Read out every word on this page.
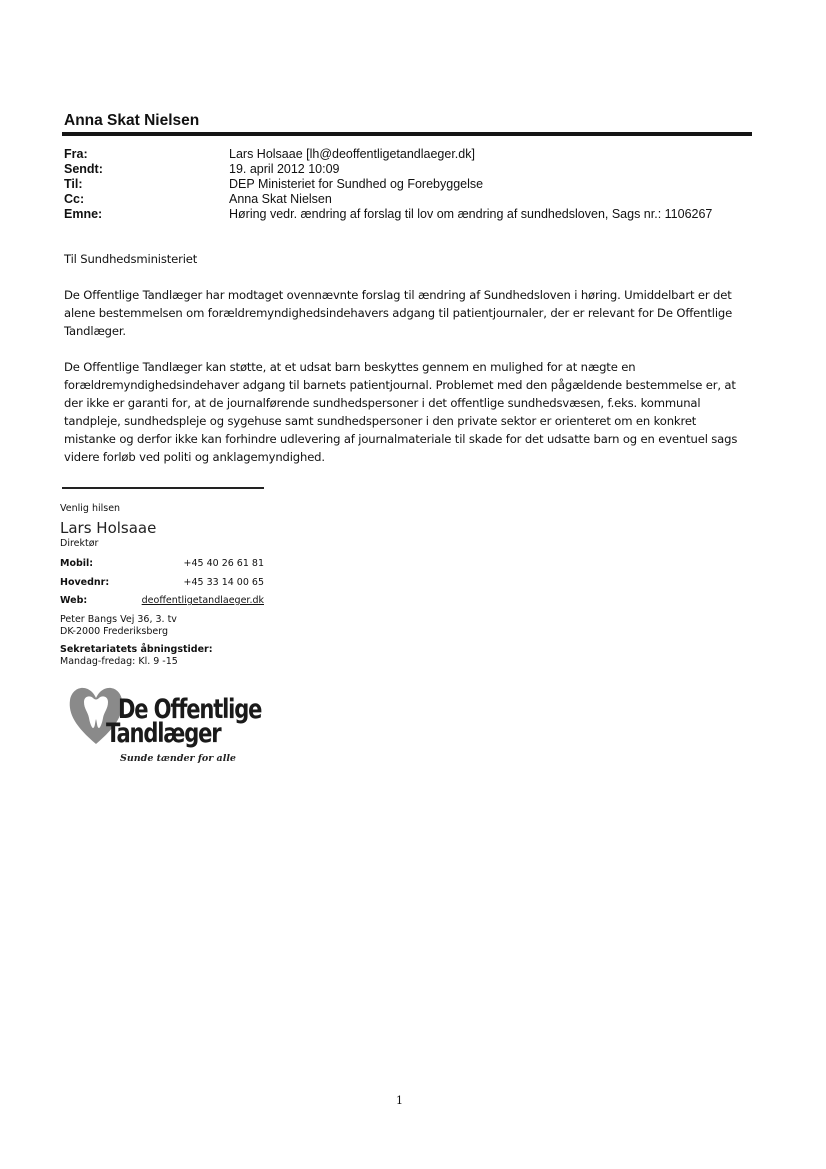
Anna Skat Nielsen
Fra:	Lars Holsaae [lh@deoffentligetandlaeger.dk]
Sendt:	19. april 2012 10:09
Til:	DEP Ministeriet for Sundhed og Forebyggelse
Cc:	Anna Skat Nielsen
Emne:	Høring vedr. ændring af forslag til lov om ændring af sundhedsloven, Sags nr.: 1106267
Til Sundhedsministeriet
De Offentlige Tandlæger har modtaget ovennævnte forslag til ændring af Sundhedsloven i høring. Umiddelbart er det alene bestemmelsen om forældremyndighedsindehavers adgang til patientjournaler, der er relevant for De Offentlige Tandlæger.
De Offentlige Tandlæger kan støtte, at et udsat barn beskyttes gennem en mulighed for at nægte en forældremyndighedsindehaver adgang til barnets patientjournal. Problemet med den pågældende bestemmelse er, at der ikke er garanti for, at de journalførende sundhedspersoner i det offentlige sundhedsvæsen, f.eks. kommunal tandpleje, sundhedspleje og sygehuse samt sundhedspersoner i den private sektor er orienteret om en konkret mistanke og derfor ikke kan forhindre udlevering af journalmateriale til skade for det udsatte barn og en eventuel sags videre forløb ved politi og anklagemyndighed.
Venlig hilsen
Lars Holsaae
Direktør
Mobil:	+45 40 26 61 81
Hovednr:	+45 33 14 00 65
Web:	deoffentligetandlaeger.dk
Peter Bangs Vej 36, 3. tv
DK-2000 Frederiksberg
Sekretariatets åbningstider:
Mandag-fredag: Kl. 9 -15
De Offentlige
Tandlæger
Sunde tænder for alle
1
